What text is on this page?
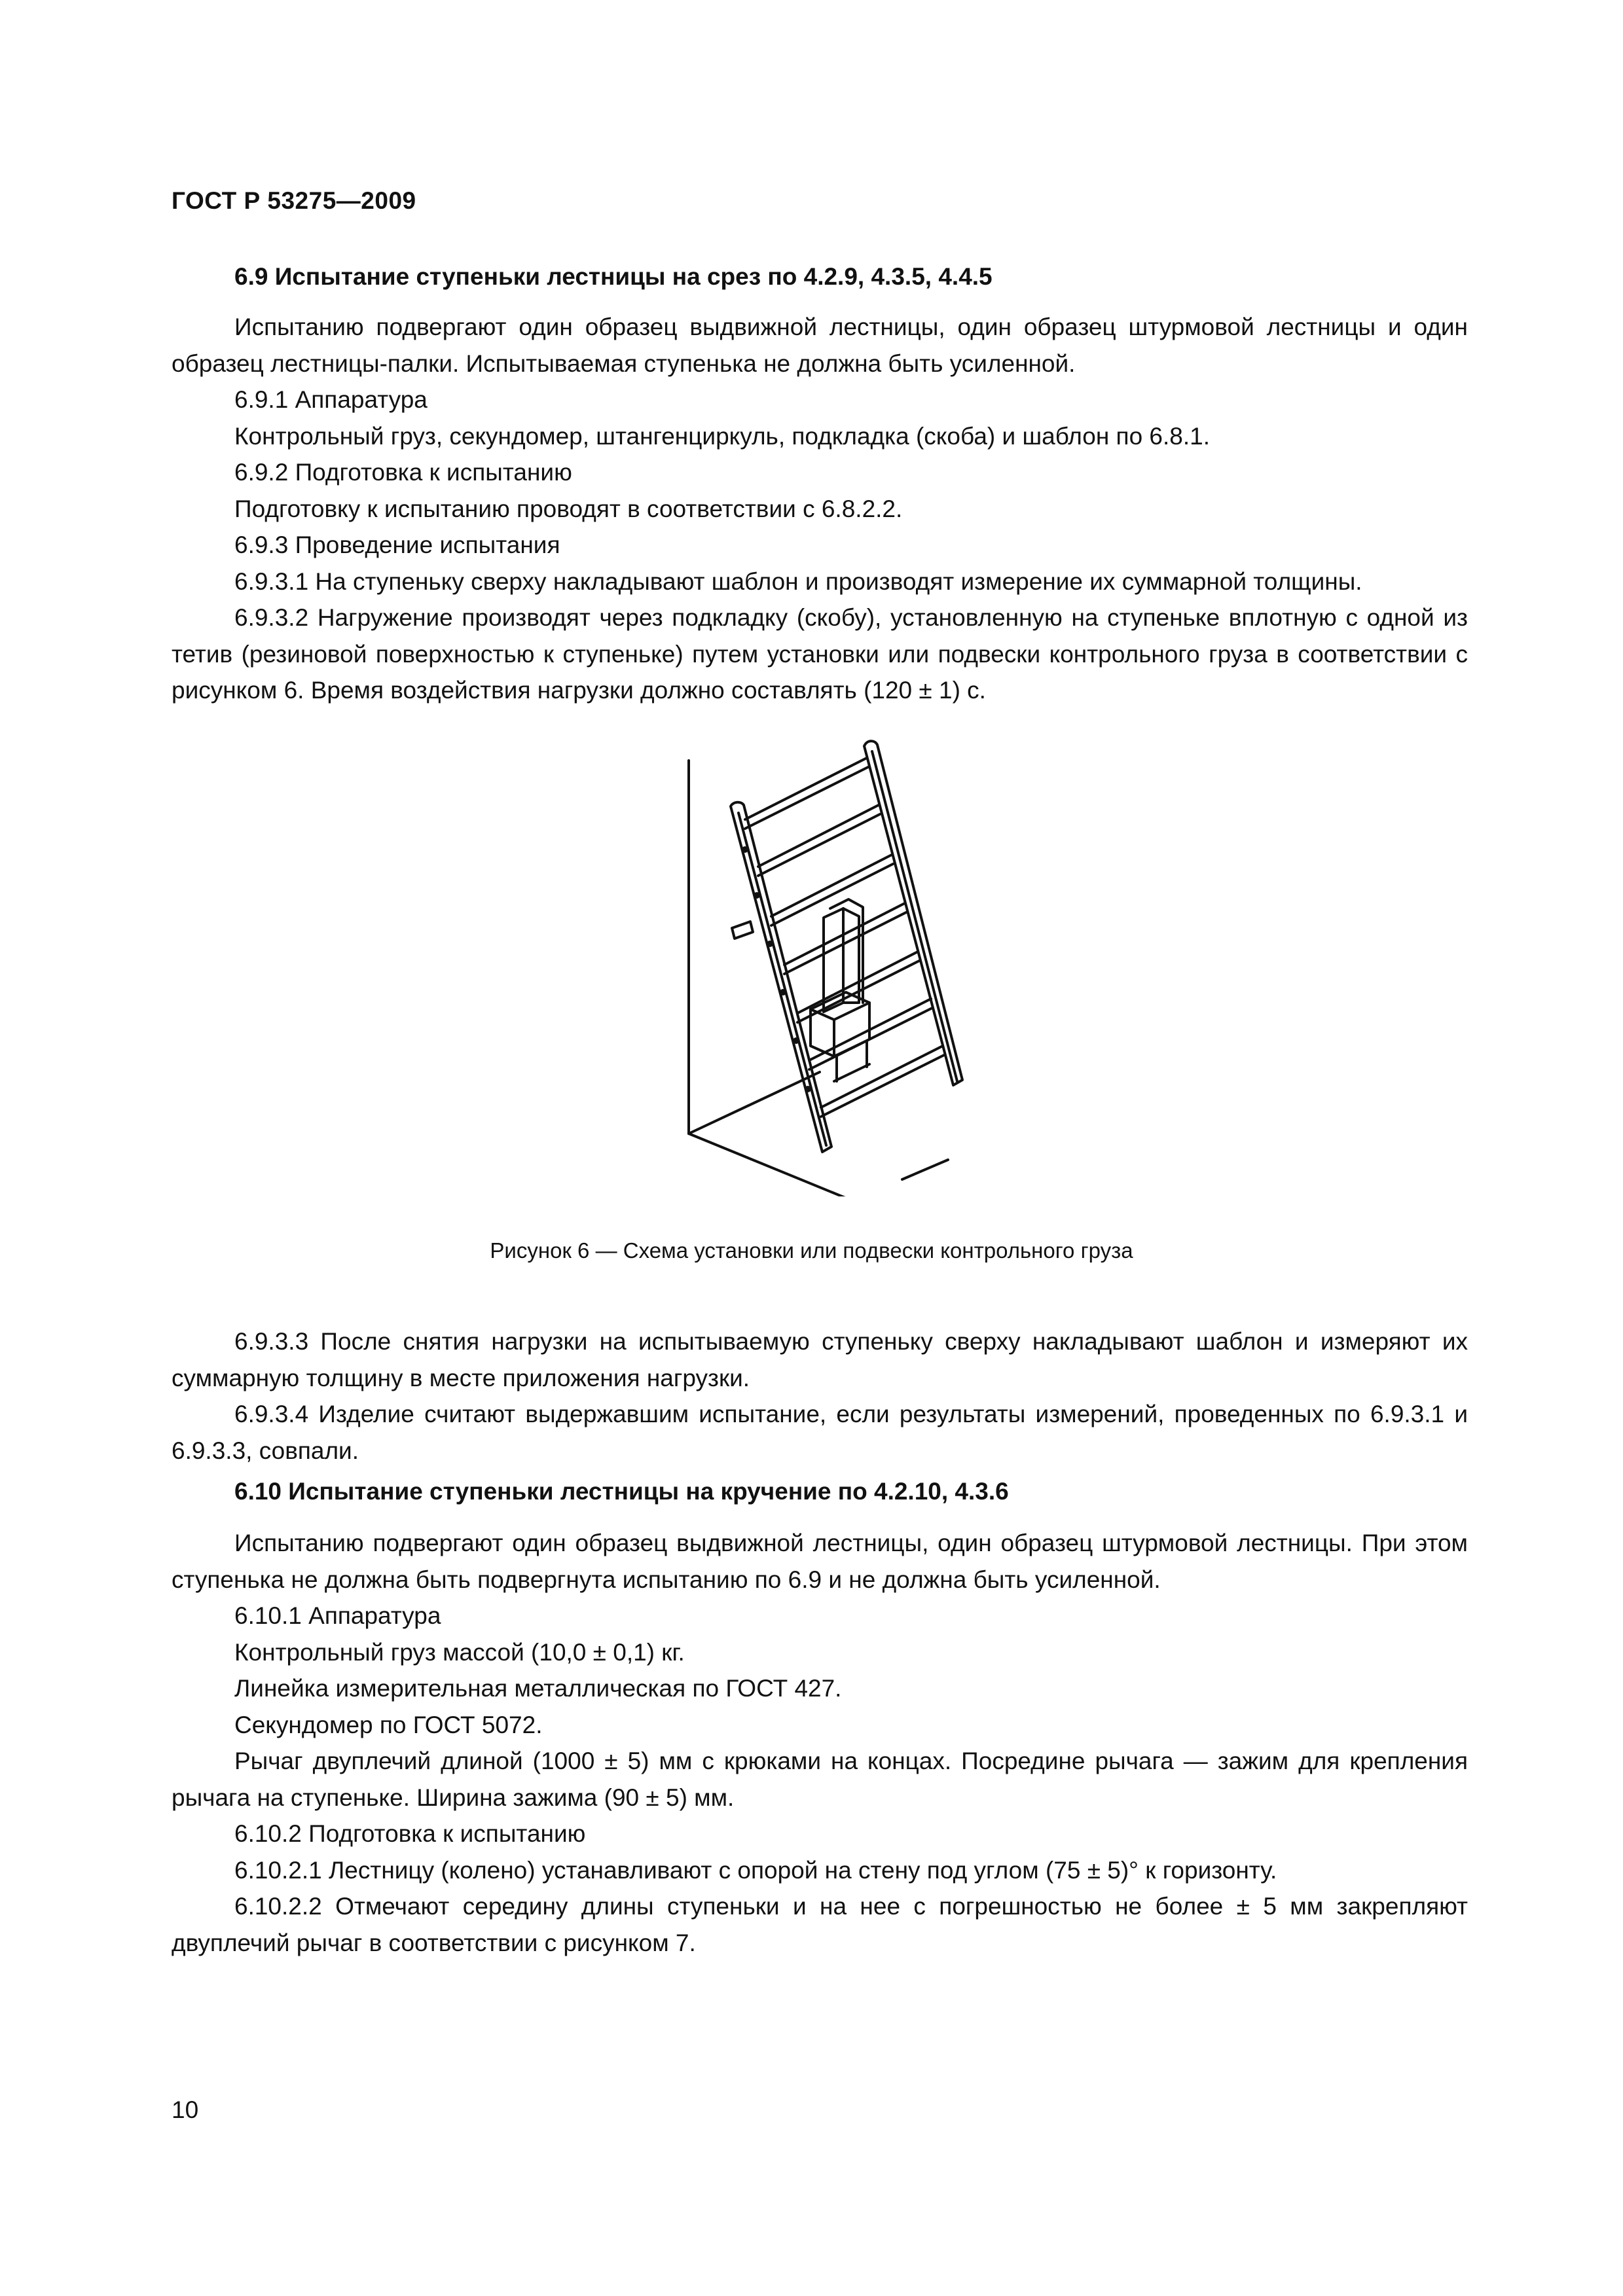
ГОСТ Р 53275—2009
6.9 Испытание ступеньки лестницы на срез по 4.2.9, 4.3.5, 4.4.5
Испытанию подвергают один образец выдвижной лестницы, один образец штурмовой лестницы и один образец лестницы-палки. Испытываемая ступенька не должна быть усиленной.
6.9.1 Аппаратура
Контрольный груз, секундомер, штангенциркуль, подкладка (скоба) и шаблон по 6.8.1.
6.9.2 Подготовка к испытанию
Подготовку к испытанию проводят в соответствии с 6.8.2.2.
6.9.3 Проведение испытания
6.9.3.1 На ступеньку сверху накладывают шаблон и производят измерение их суммарной толщины.
6.9.3.2 Нагружение производят через подкладку (скобу), установленную на ступеньке вплотную с одной из тетив (резиновой поверхностью к ступеньке) путем установки или подвески контрольного груза в соответствии с рисунком 6. Время воздействия нагрузки должно составлять (120 ± 1) с.
Рисунок 6 — Схема установки или подвески контрольного груза
6.9.3.3 После снятия нагрузки на испытываемую ступеньку сверху накладывают шаблон и измеряют их суммарную толщину в месте приложения нагрузки.
6.9.3.4 Изделие считают выдержавшим испытание, если результаты измерений, проведенных по 6.9.3.1 и 6.9.3.3, совпали.
6.10 Испытание ступеньки лестницы на кручение по 4.2.10, 4.3.6
Испытанию подвергают один образец выдвижной лестницы, один образец штурмовой лестницы. При этом ступенька не должна быть подвергнута испытанию по 6.9 и не должна быть усиленной.
6.10.1 Аппаратура
Контрольный груз массой (10,0 ± 0,1) кг.
Линейка измерительная металлическая по ГОСТ 427.
Секундомер по ГОСТ 5072.
Рычаг двуплечий длиной (1000 ± 5) мм с крюками на концах. Посредине рычага — зажим для крепления рычага на ступеньке. Ширина зажима (90 ± 5) мм.
6.10.2 Подготовка к испытанию
6.10.2.1 Лестницу (колено) устанавливают с опорой на стену под углом (75 ± 5)° к горизонту.
6.10.2.2 Отмечают середину длины ступеньки и на нее с погрешностью не более ± 5 мм закрепляют двуплечий рычаг в соответствии с рисунком 7.
10
